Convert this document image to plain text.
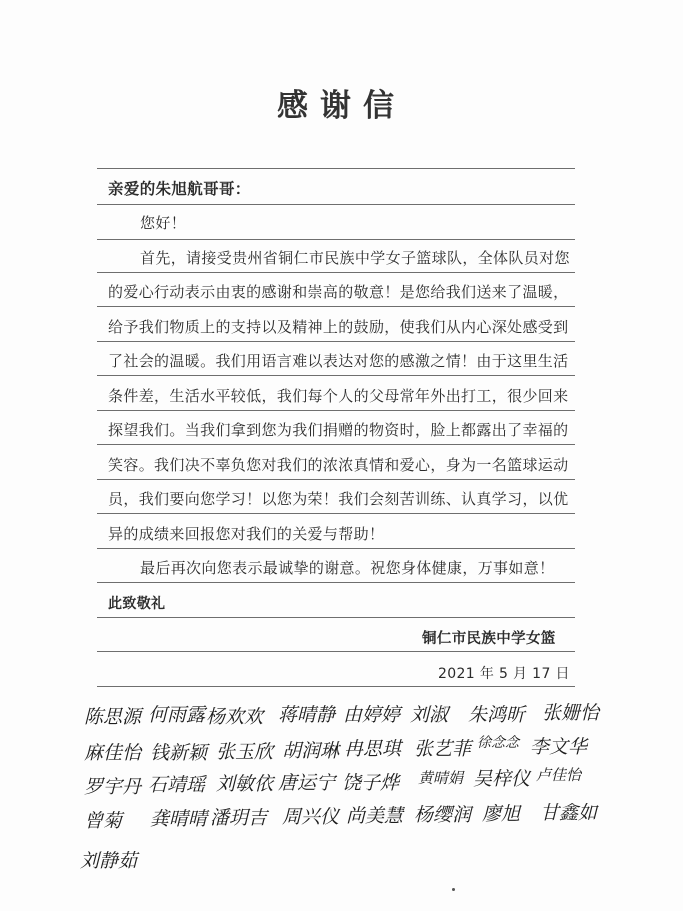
感谢信
亲爱的朱旭航哥哥：
您好！
首先，请接受贵州省铜仁市民族中学女子篮球队，全体队员对您
的爱心行动表示由衷的感谢和崇高的敬意！是您给我们送来了温暖，
给予我们物质上的支持以及精神上的鼓励，使我们从内心深处感受到
了社会的温暖。我们用语言难以表达对您的感激之情！由于这里生活
条件差，生活水平较低，我们每个人的父母常年外出打工，很少回来
探望我们。当我们拿到您为我们捐赠的物资时，脸上都露出了幸福的
笑容。我们决不辜负您对我们的浓浓真情和爱心，身为一名篮球运动
员，我们要向您学习！以您为荣！我们会刻苦训练、认真学习，以优
异的成绩来回报您对我们的关爱与帮助！
最后再次向您表示最诚挚的谢意。祝您身体健康，万事如意！
此致敬礼
铜仁市民族中学女篮
2021 年 5 月 17 日
陈思源 何雨露 杨欢欢 蒋晴静 由婷婷 刘淑 朱鸿昕 张姗怡
麻佳怡 钱新颖 张玉欣 胡润琳 冉思琪 张艺菲 徐念念 李文华
罗宇丹 石靖瑶 刘敏依 唐运宁 饶子烨 黄晴娟 吴梓仪 卢佳怡
曾菊 龚晴晴 潘玥吉 周兴仪 尚美慧 杨缨润 廖旭 甘鑫如
刘静茹
